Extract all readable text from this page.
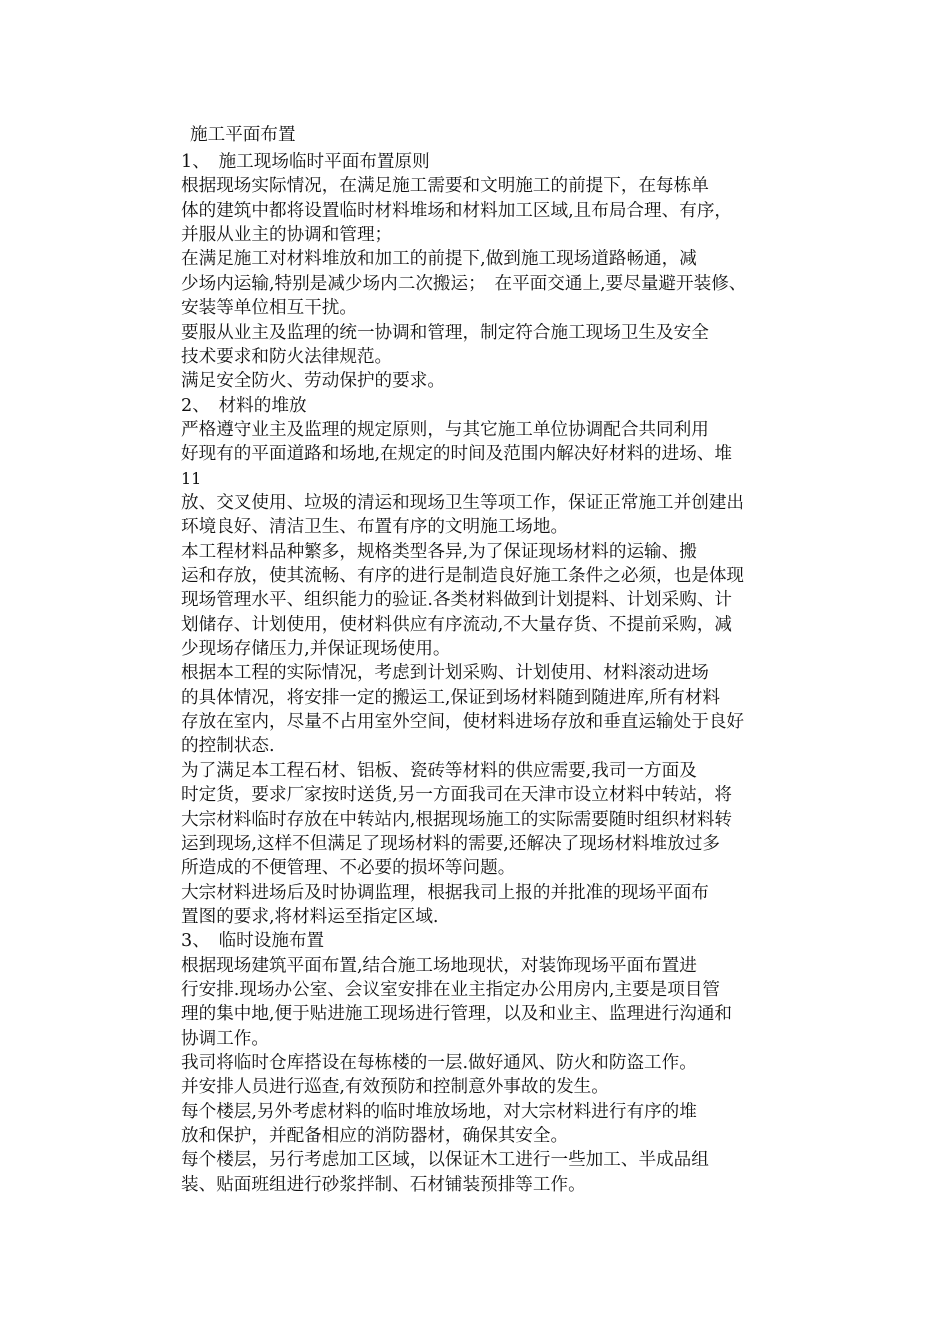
施工平面布置
1、　施工现场临时平面布置原则
根据现场实际情况，在满足施工需要和文明施工的前提下，在每栋单
体的建筑中都将设置临时材料堆场和材料加工区域,且布局合理、有序，
并服从业主的协调和管理；
在满足施工对材料堆放和加工的前提下,做到施工现场道路畅通，减
少场内运输,特别是减少场内二次搬运；　在平面交通上,要尽量避开装修、
安装等单位相互干扰。
要服从业主及监理的统一协调和管理，制定符合施工现场卫生及安全
技术要求和防火法律规范。
满足安全防火、劳动保护的要求。
2、　材料的堆放
严格遵守业主及监理的规定原则，与其它施工单位协调配合共同利用
好现有的平面道路和场地,在规定的时间及范围内解决好材料的进场、堆
11
放、交叉使用、垃圾的清运和现场卫生等项工作，保证正常施工并创建出
环境良好、清洁卫生、布置有序的文明施工场地。
本工程材料品种繁多，规格类型各异,为了保证现场材料的运输、搬
运和存放，使其流畅、有序的进行是制造良好施工条件之必须，也是体现
现场管理水平、组织能力的验证.各类材料做到计划提料、计划采购、计
划储存、计划使用，使材料供应有序流动,不大量存货、不提前采购，减
少现场存储压力,并保证现场使用。
根据本工程的实际情况，考虑到计划采购、计划使用、材料滚动进场
的具体情况，将安排一定的搬运工,保证到场材料随到随进库,所有材料
存放在室内，尽量不占用室外空间，使材料进场存放和垂直运输处于良好
的控制状态.
为了满足本工程石材、铝板、瓷砖等材料的供应需要,我司一方面及
时定货，要求厂家按时送货,另一方面我司在天津市设立材料中转站，将
大宗材料临时存放在中转站内,根据现场施工的实际需要随时组织材料转
运到现场,这样不但满足了现场材料的需要,还解决了现场材料堆放过多
所造成的不便管理、不必要的损坏等问题。
大宗材料进场后及时协调监理，根据我司上报的并批准的现场平面布
置图的要求,将材料运至指定区域.
3、　临时设施布置
根据现场建筑平面布置,结合施工场地现状，对装饰现场平面布置进
行安排.现场办公室、会议室安排在业主指定办公用房内,主要是项目管
理的集中地,便于贴进施工现场进行管理，以及和业主、监理进行沟通和
协调工作。
我司将临时仓库搭设在每栋楼的一层.做好通风、防火和防盗工作。
并安排人员进行巡查,有效预防和控制意外事故的发生。
每个楼层,另外考虑材料的临时堆放场地，对大宗材料进行有序的堆
放和保护，并配备相应的消防器材，确保其安全。
每个楼层，另行考虑加工区域，以保证木工进行一些加工、半成品组
装、贴面班组进行砂浆拌制、石材铺装预排等工作。
